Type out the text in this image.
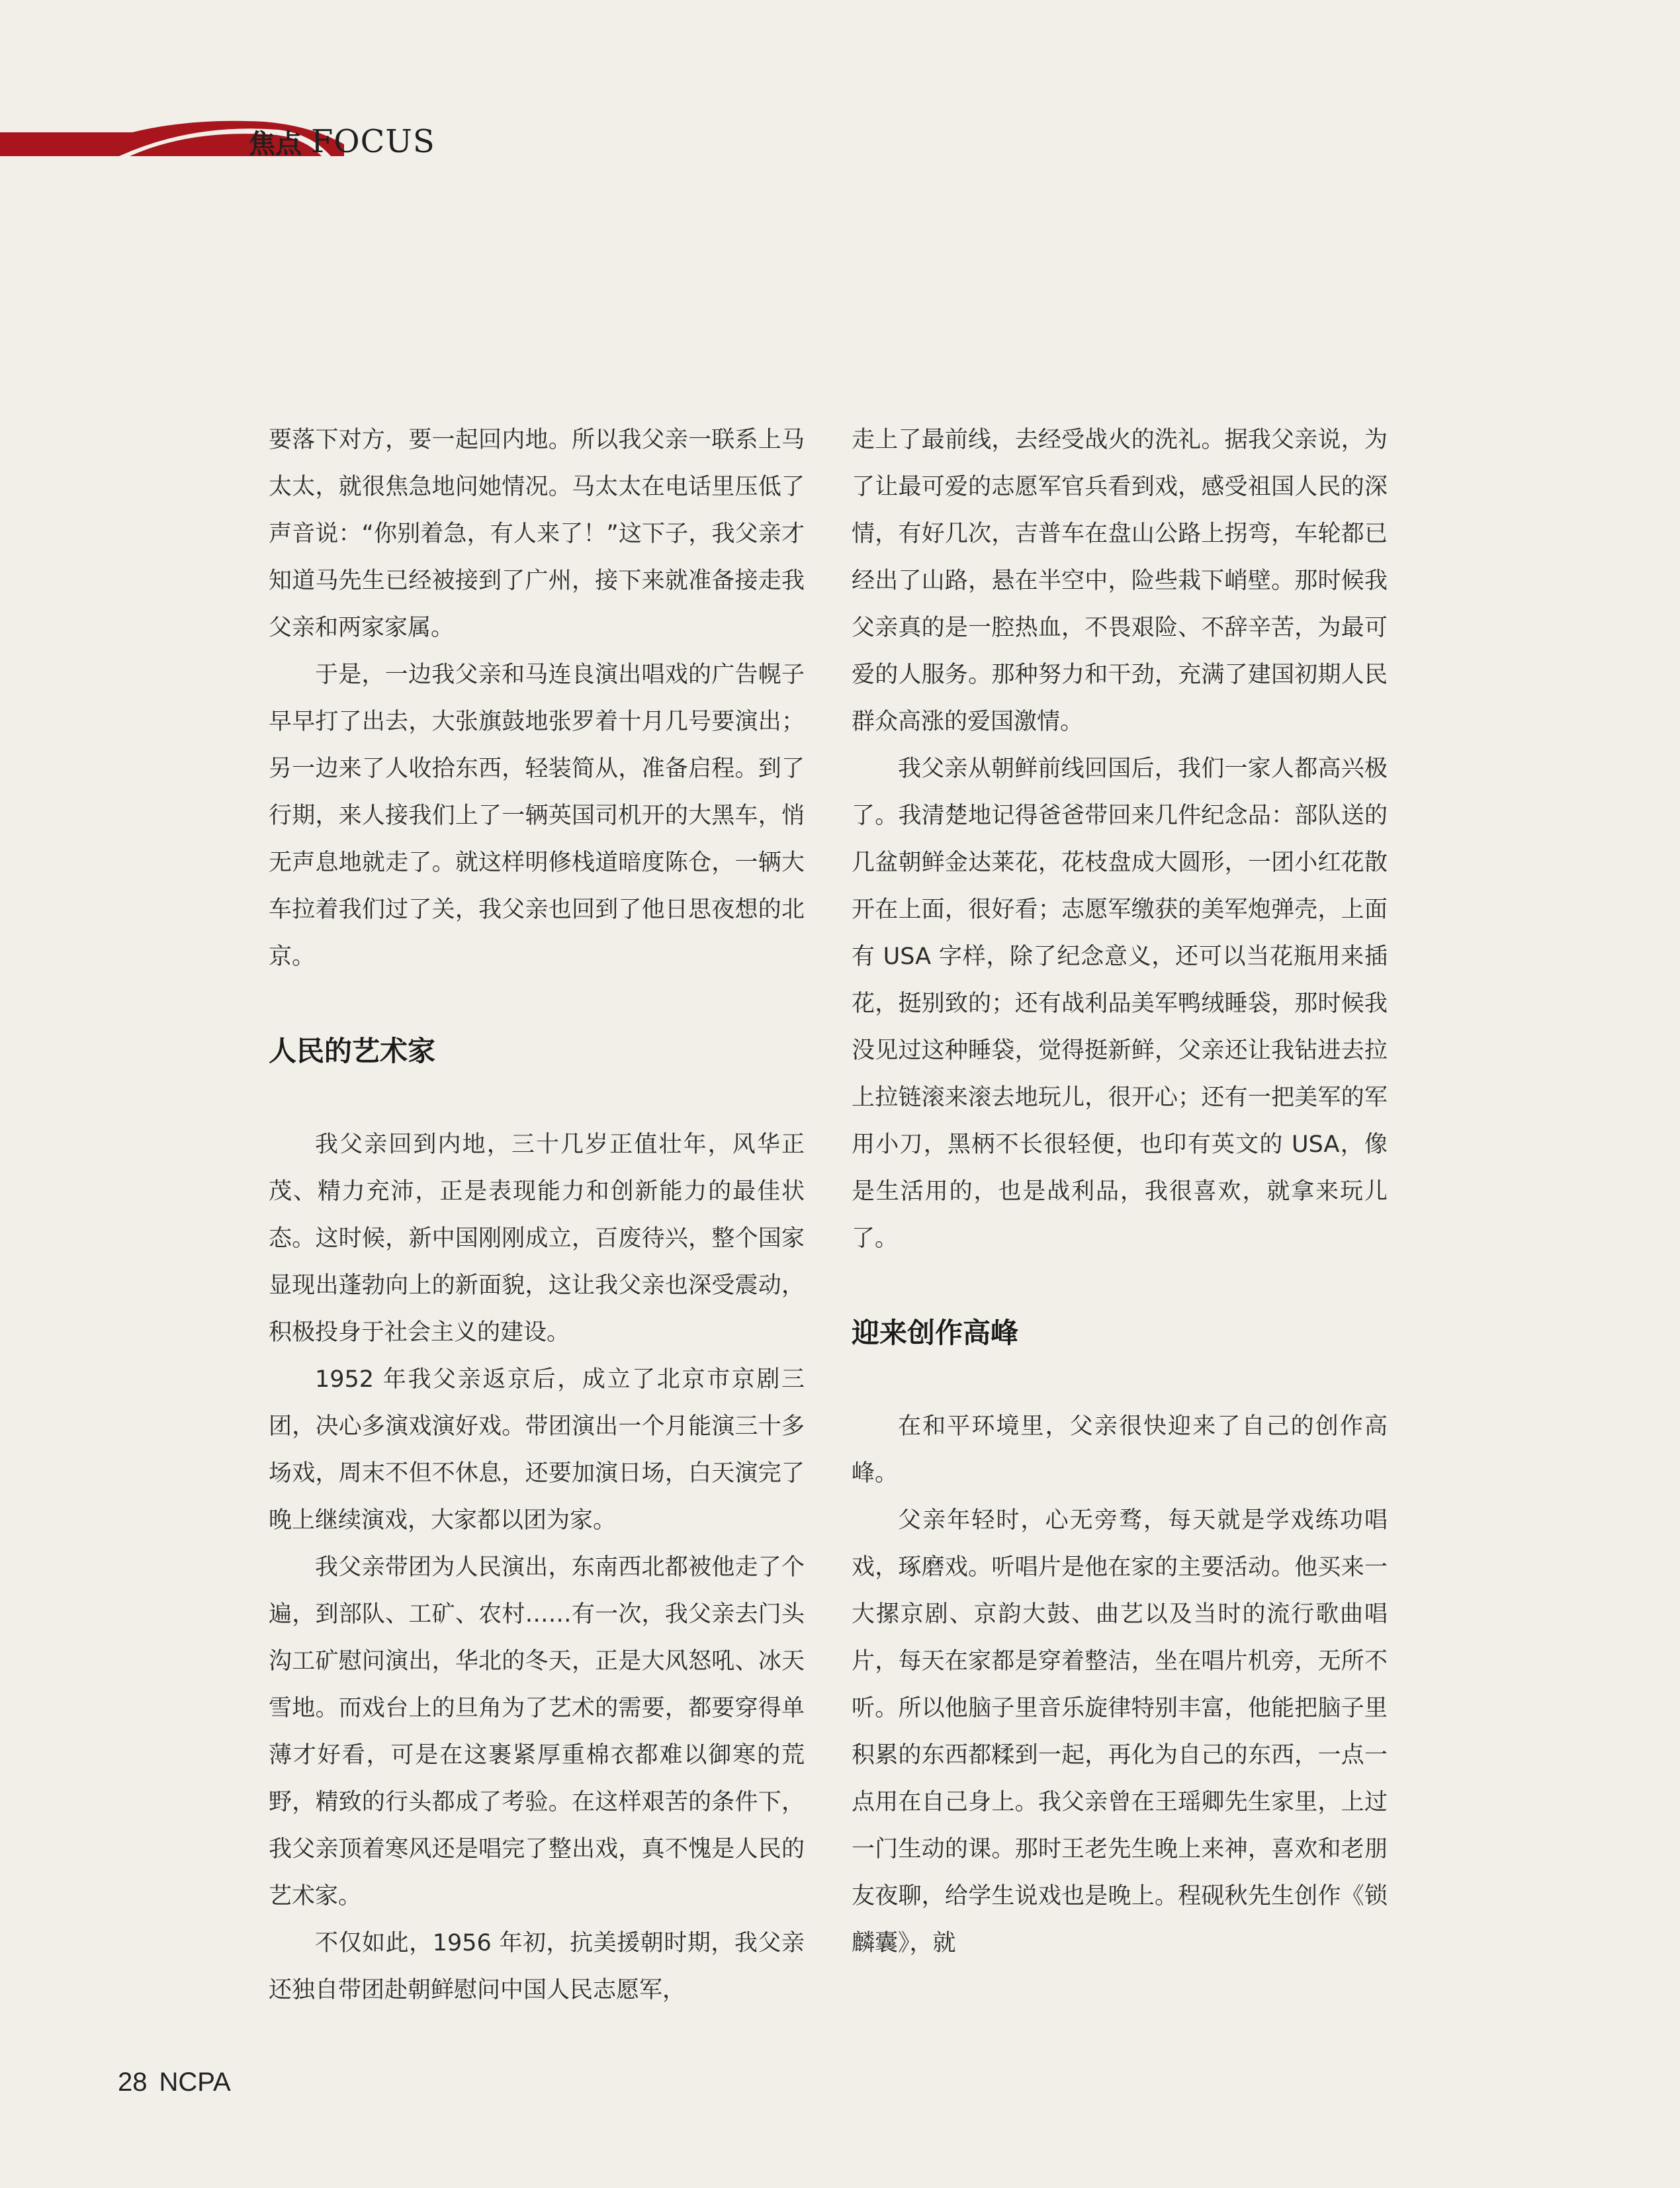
焦点 FOCUS

要落下对方，要一起回内地。所以我父亲一联系上马太太，就很焦急地问她情况。马太太在电话里压低了声音说：“你别着急，有人来了！”这下子，我父亲才知道马先生已经被接到了广州，接下来就准备接走我父亲和两家家属。

于是，一边我父亲和马连良演出唱戏的广告幌子早早打了出去，大张旗鼓地张罗着十月几号要演出；另一边来了人收拾东西，轻装简从，准备启程。到了行期，来人接我们上了一辆英国司机开的大黑车，悄无声息地就走了。就这样明修栈道暗度陈仓，一辆大车拉着我们过了关，我父亲也回到了他日思夜想的北京。

人民的艺术家

我父亲回到内地，三十几岁正值壮年，风华正茂、精力充沛，正是表现能力和创新能力的最佳状态。这时候，新中国刚刚成立，百废待兴，整个国家显现出蓬勃向上的新面貌，这让我父亲也深受震动，积极投身于社会主义的建设。

1952 年我父亲返京后，成立了北京市京剧三团，决心多演戏演好戏。带团演出一个月能演三十多场戏，周末不但不休息，还要加演日场，白天演完了晚上继续演戏，大家都以团为家。

我父亲带团为人民演出，东南西北都被他走了个遍，到部队、工矿、农村……有一次，我父亲去门头沟工矿慰问演出，华北的冬天，正是大风怒吼、冰天雪地。而戏台上的旦角为了艺术的需要，都要穿得单薄才好看，可是在这裹紧厚重棉衣都难以御寒的荒野，精致的行头都成了考验。在这样艰苦的条件下，我父亲顶着寒风还是唱完了整出戏，真不愧是人民的艺术家。

不仅如此，1956 年初，抗美援朝时期，我父亲还独自带团赴朝鲜慰问中国人民志愿军，

走上了最前线，去经受战火的洗礼。据我父亲说，为了让最可爱的志愿军官兵看到戏，感受祖国人民的深情，有好几次，吉普车在盘山公路上拐弯，车轮都已经出了山路，悬在半空中，险些栽下峭壁。那时候我父亲真的是一腔热血，不畏艰险、不辞辛苦，为最可爱的人服务。那种努力和干劲，充满了建国初期人民群众高涨的爱国激情。

我父亲从朝鲜前线回国后，我们一家人都高兴极了。我清楚地记得爸爸带回来几件纪念品：部队送的几盆朝鲜金达莱花，花枝盘成大圆形，一团小红花散开在上面，很好看；志愿军缴获的美军炮弹壳，上面有 USA 字样，除了纪念意义，还可以当花瓶用来插花，挺别致的；还有战利品美军鸭绒睡袋，那时候我没见过这种睡袋，觉得挺新鲜，父亲还让我钻进去拉上拉链滚来滚去地玩儿，很开心；还有一把美军的军用小刀，黑柄不长很轻便，也印有英文的 USA，像是生活用的，也是战利品，我很喜欢，就拿来玩儿了。

迎来创作高峰

在和平环境里，父亲很快迎来了自己的创作高峰。

父亲年轻时，心无旁骛，每天就是学戏练功唱戏，琢磨戏。听唱片是他在家的主要活动。他买来一大摞京剧、京韵大鼓、曲艺以及当时的流行歌曲唱片，每天在家都是穿着整洁，坐在唱片机旁，无所不听。所以他脑子里音乐旋律特别丰富，他能把脑子里积累的东西都糅到一起，再化为自己的东西，一点一点用在自己身上。我父亲曾在王瑶卿先生家里，上过一门生动的课。那时王老先生晚上来神，喜欢和老朋友夜聊，给学生说戏也是晚上。程砚秋先生创作《锁麟囊》，就

28 NCPA
